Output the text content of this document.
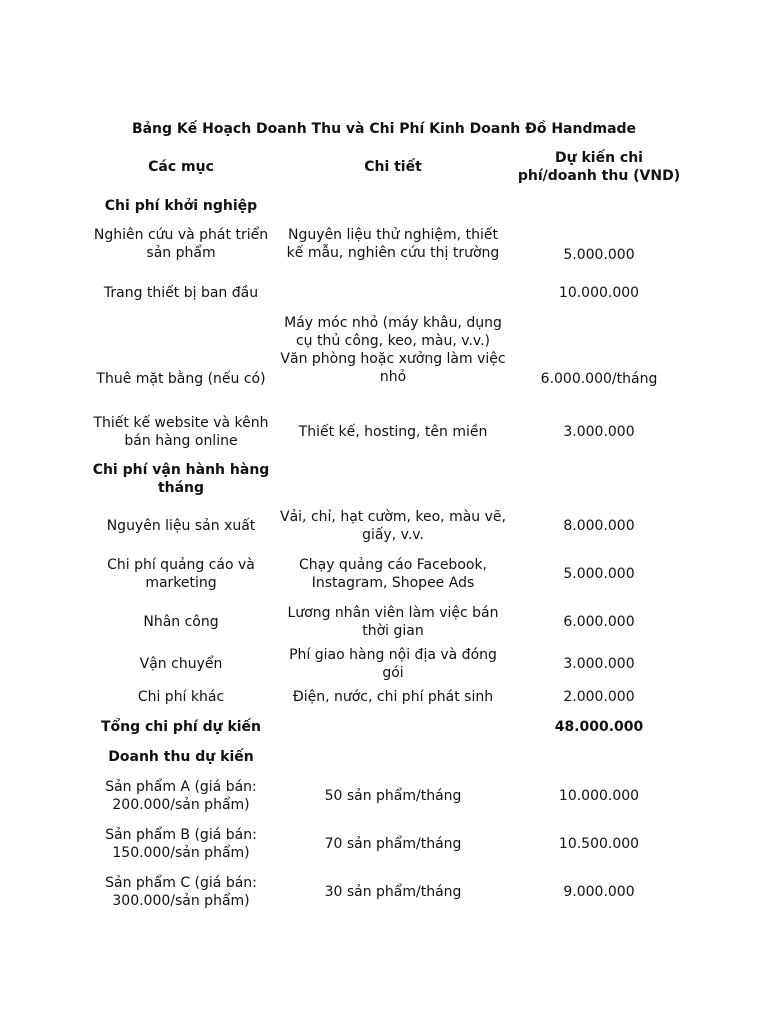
Bảng Kế Hoạch Doanh Thu và Chi Phí Kinh Doanh Đồ Handmade
Các mục	Chi tiết	Dự kiến chi phí/doanh thu (VND)
Chi phí khởi nghiệp		
Nghiên cứu và phát triển sản phẩm	Nguyên liệu thử nghiệm, thiết kế mẫu, nghiên cứu thị trường	5.000.000
Trang thiết bị ban đầu	Máy móc nhỏ (máy khâu, dụng cụ thủ công, keo, màu, v.v.)	10.000.000
Thuê mặt bằng (nếu có)	Văn phòng hoặc xưởng làm việc nhỏ	6.000.000/tháng
Thiết kế website và kênh bán hàng online	Thiết kế, hosting, tên miền	3.000.000
Chi phí vận hành hàng tháng		
Nguyên liệu sản xuất	Vải, chỉ, hạt cườm, keo, màu vẽ, giấy, v.v.	8.000.000
Chi phí quảng cáo và marketing	Chạy quảng cáo Facebook, Instagram, Shopee Ads	5.000.000
Nhân công	Lương nhân viên làm việc bán thời gian	6.000.000
Vận chuyển	Phí giao hàng nội địa và đóng gói	3.000.000
Chi phí khác	Điện, nước, chi phí phát sinh	2.000.000
Tổng chi phí dự kiến		48.000.000
Doanh thu dự kiến		
Sản phẩm A (giá bán: 200.000/sản phẩm)	50 sản phẩm/tháng	10.000.000
Sản phẩm B (giá bán: 150.000/sản phẩm)	70 sản phẩm/tháng	10.500.000
Sản phẩm C (giá bán: 300.000/sản phẩm)	30 sản phẩm/tháng	9.000.000
